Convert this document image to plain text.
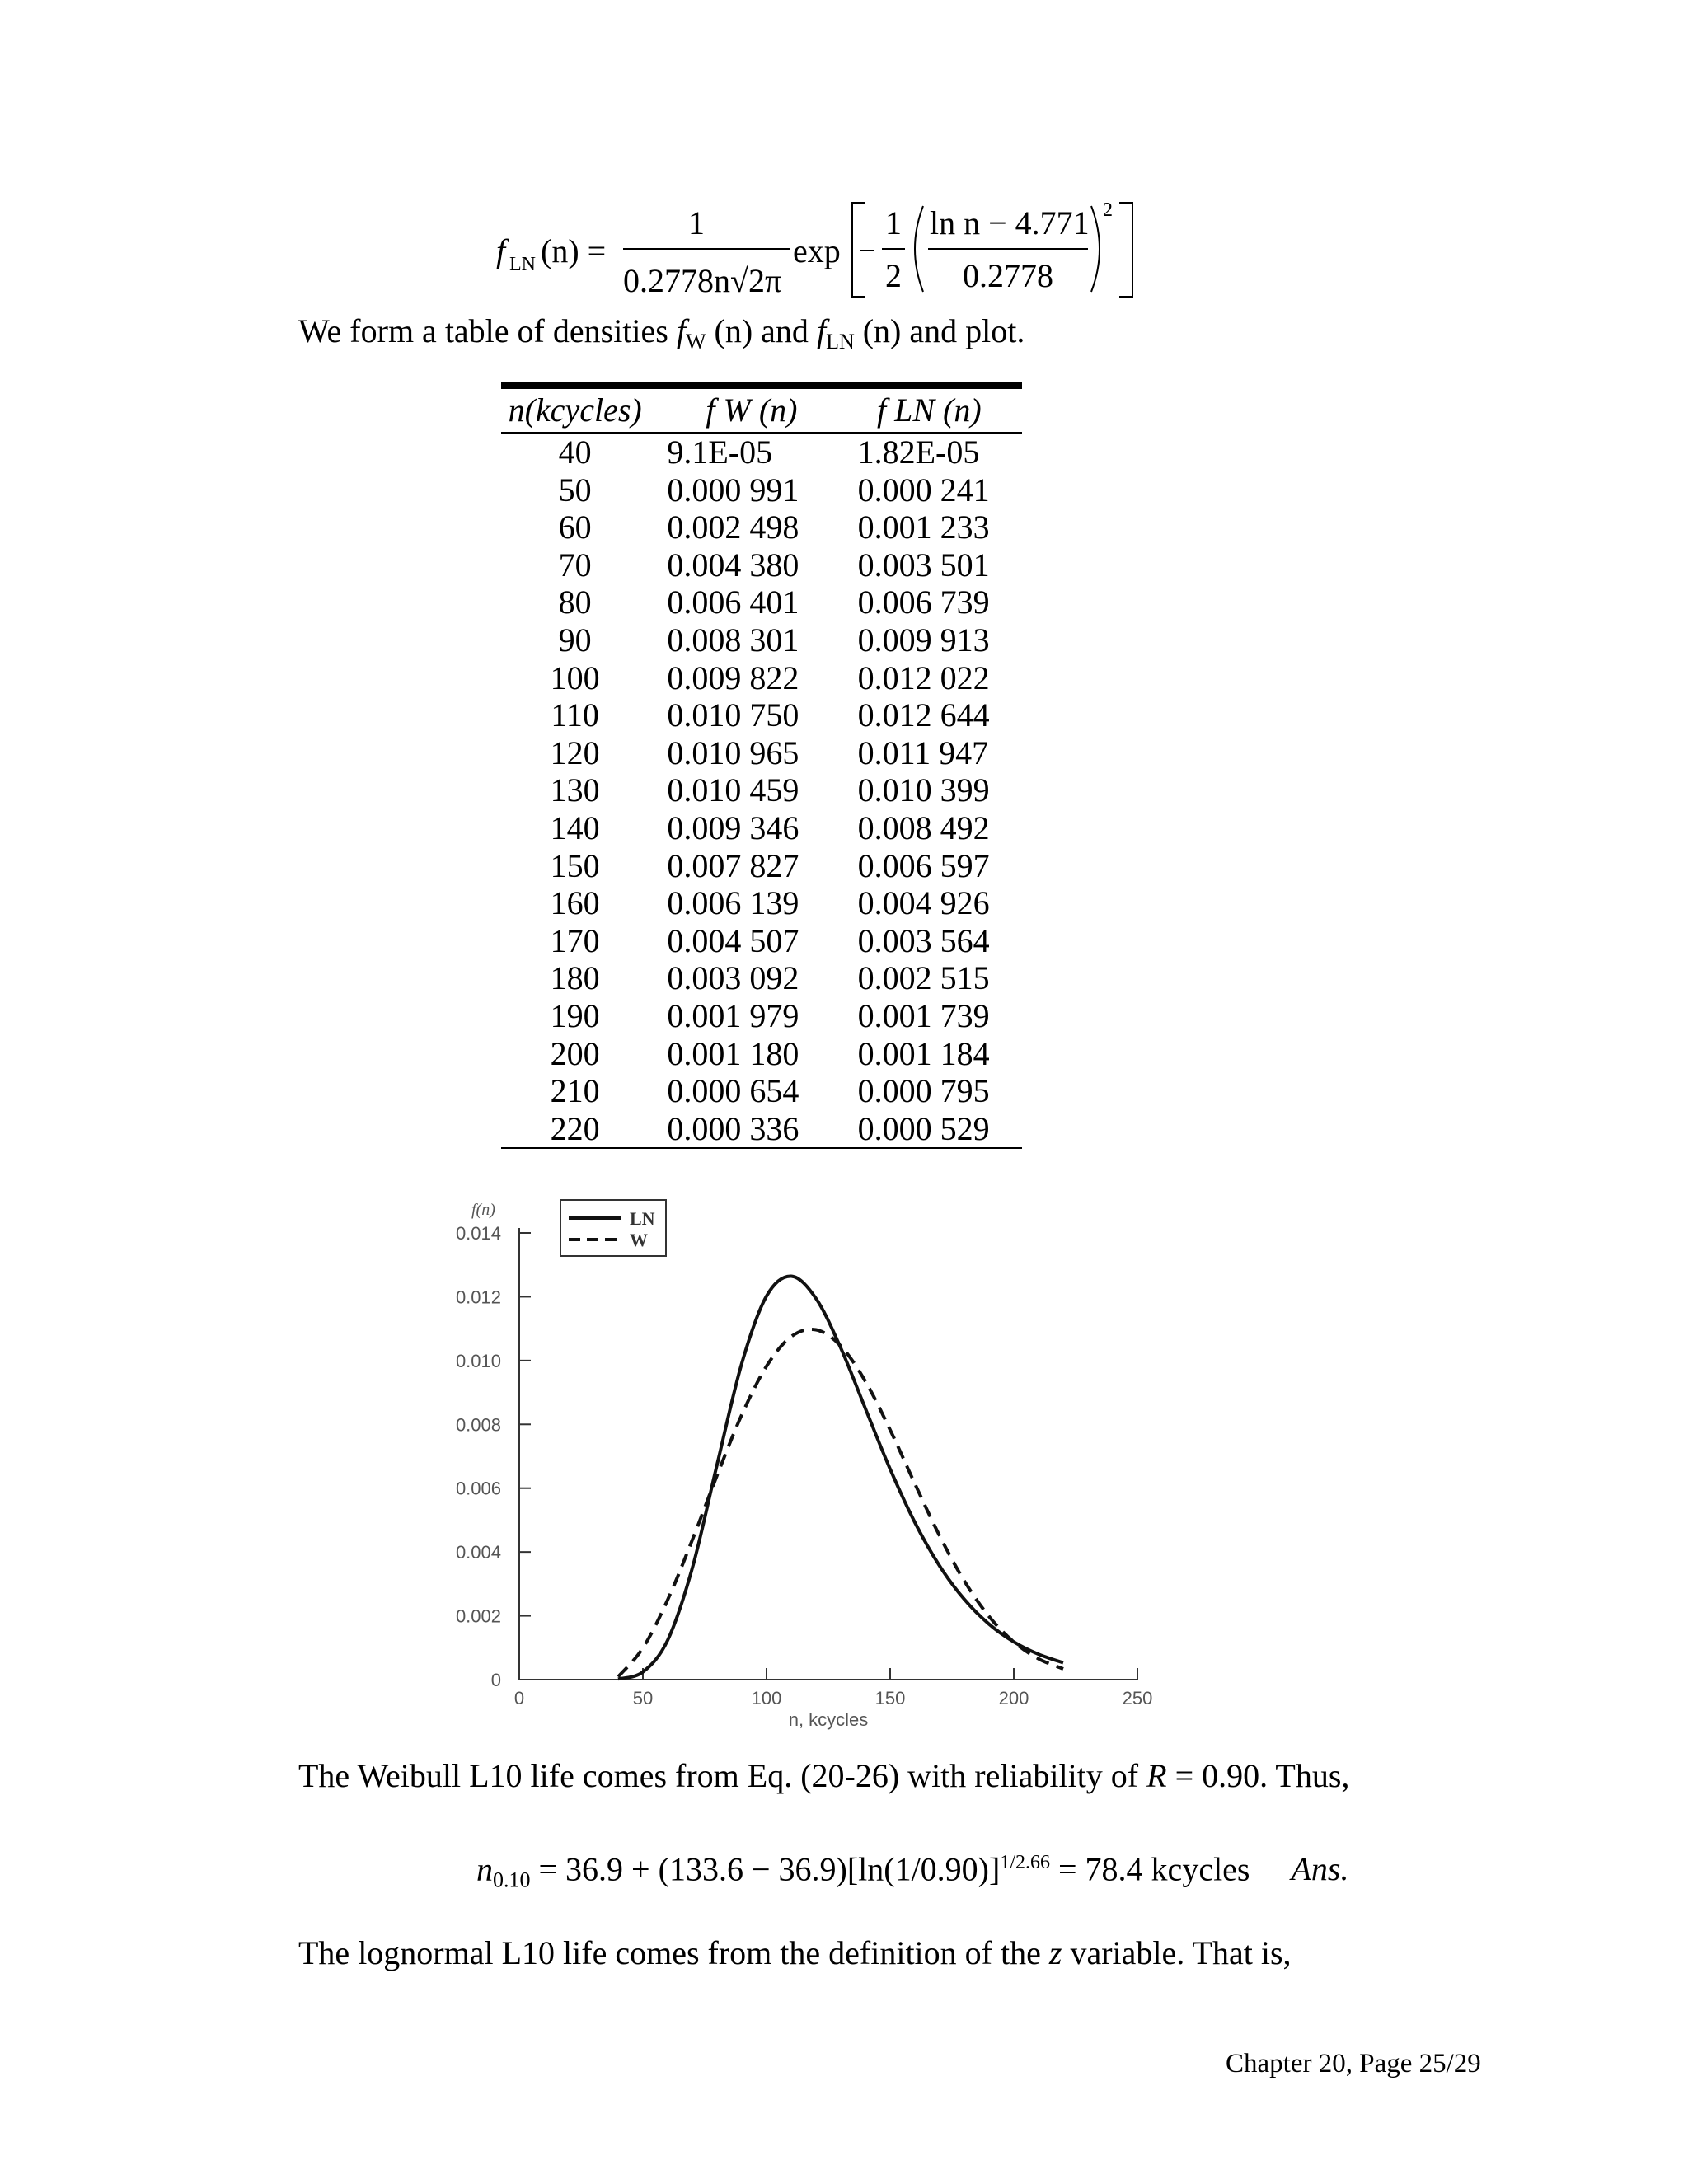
f LN (n) =
1
0.2778n√2π
exp
1
2
ln n − 4.771
0.2778
2
We form a table of densities $f_W$ (n) and $f_{LN}$ (n) and plot.
n(kcycles)	f W (n)	f LN (n)
40	9.1E-05	1.82E-05
50	0.000 991	0.000 241
60	0.002 498	0.001 233
70	0.004 380	0.003 501
80	0.006 401	0.006 739
90	0.008 301	0.009 913
100	0.009 822	0.012 022
110	0.010 750	0.012 644
120	0.010 965	0.011 947
130	0.010 459	0.010 399
140	0.009 346	0.008 492
150	0.007 827	0.006 597
160	0.006 139	0.004 926
170	0.004 507	0.003 564
180	0.003 092	0.002 515
190	0.001 979	0.001 739
200	0.001 180	0.001 184
210	0.000 654	0.000 795
220	0.000 336	0.000 529
0
0.002
0.004
0.006
0.008
0.010
0.012
0.014
0	50	100	150	200	250
f(n)
n, kcycles
LN
W
The Weibull L10 life comes from Eq. (20-26) with reliability of R = 0.90. Thus,
$n_{0.10} = 36.9 + (133.6 - 36.9)[\ln(1/0.90)]^{1/2.66} = 78.4$ kcycles Ans.
The lognormal L10 life comes from the definition of the z variable. That is,
Chapter 20, Page 25/29
